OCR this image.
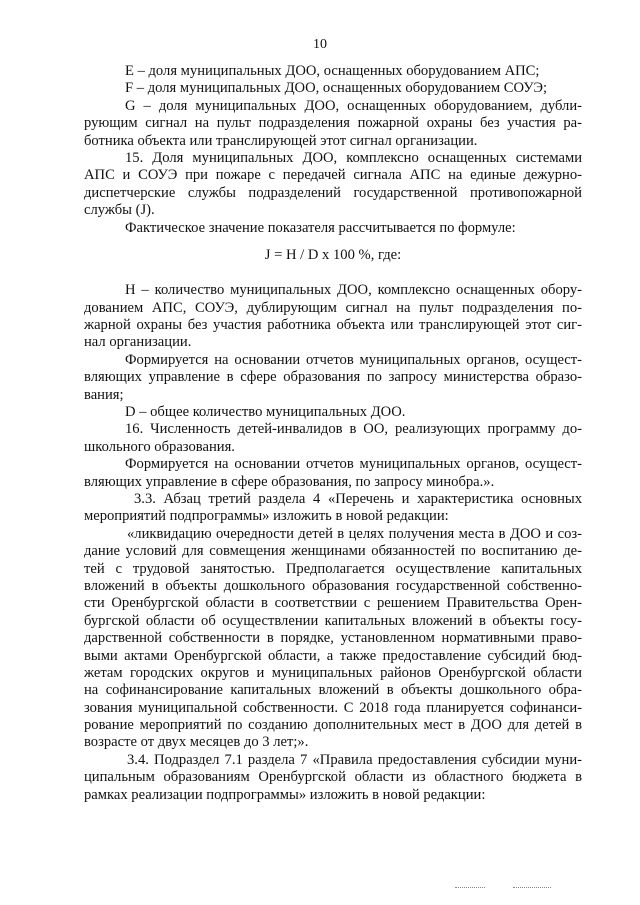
10
E – доля муниципальных ДОО, оснащенных оборудованием АПС;
F – доля муниципальных ДОО, оснащенных оборудованием СОУЭ;
G – доля муниципальных ДОО, оснащенных оборудованием, дубли-
рующим сигнал на пульт подразделения пожарной охраны без участия ра-
ботника объекта или транслирующей этот сигнал организации.
15. Доля муниципальных ДОО, комплексно оснащенных системами
АПС и СОУЭ при пожаре с передачей сигнала АПС на единые дежурно-
диспетчерские службы подразделений государственной противопожарной
службы (J).
Фактическое значение показателя рассчитывается по формуле:
J = H / D x 100 %, где:
H – количество муниципальных ДОО, комплексно оснащенных обору-
дованием АПС, СОУЭ, дублирующим сигнал на пульт подразделения по-
жарной охраны без участия работника объекта или транслирующей этот сиг-
нал организации.
Формируется на основании отчетов муниципальных органов, осущест-
вляющих управление в сфере образования по запросу министерства образо-
вания;
D – общее количество муниципальных ДОО.
16. Численность детей-инвалидов в ОО, реализующих программу до-
школьного образования.
Формируется на основании отчетов муниципальных органов, осущест-
вляющих управление в сфере образования, по запросу минобра.».
3.3. Абзац третий раздела 4 «Перечень и характеристика основных
мероприятий подпрограммы» изложить в новой редакции:
«ликвидацию очередности детей в целях получения места в ДОО и соз-
дание условий для совмещения женщинами обязанностей по воспитанию де-
тей с трудовой занятостью. Предполагается осуществление капитальных
вложений в объекты дошкольного образования государственной собственно-
сти Оренбургской области в соответствии с решением Правительства Орен-
бургской области об осуществлении капитальных вложений в объекты госу-
дарственной собственности в порядке, установленном нормативными право-
выми актами Оренбургской области, а также предоставление субсидий бюд-
жетам городских округов и муниципальных районов Оренбургской области
на софинансирование капитальных вложений в объекты дошкольного обра-
зования муниципальной собственности. С 2018 года планируется софинанси-
рование мероприятий по созданию дополнительных мест в ДОО для детей в
возрасте от двух месяцев до 3 лет;».
3.4. Подраздел 7.1 раздела 7 «Правила предоставления субсидии муни-
ципальным образованиям Оренбургской области из областного бюджета в
рамках реализации подпрограммы» изложить в новой редакции:
